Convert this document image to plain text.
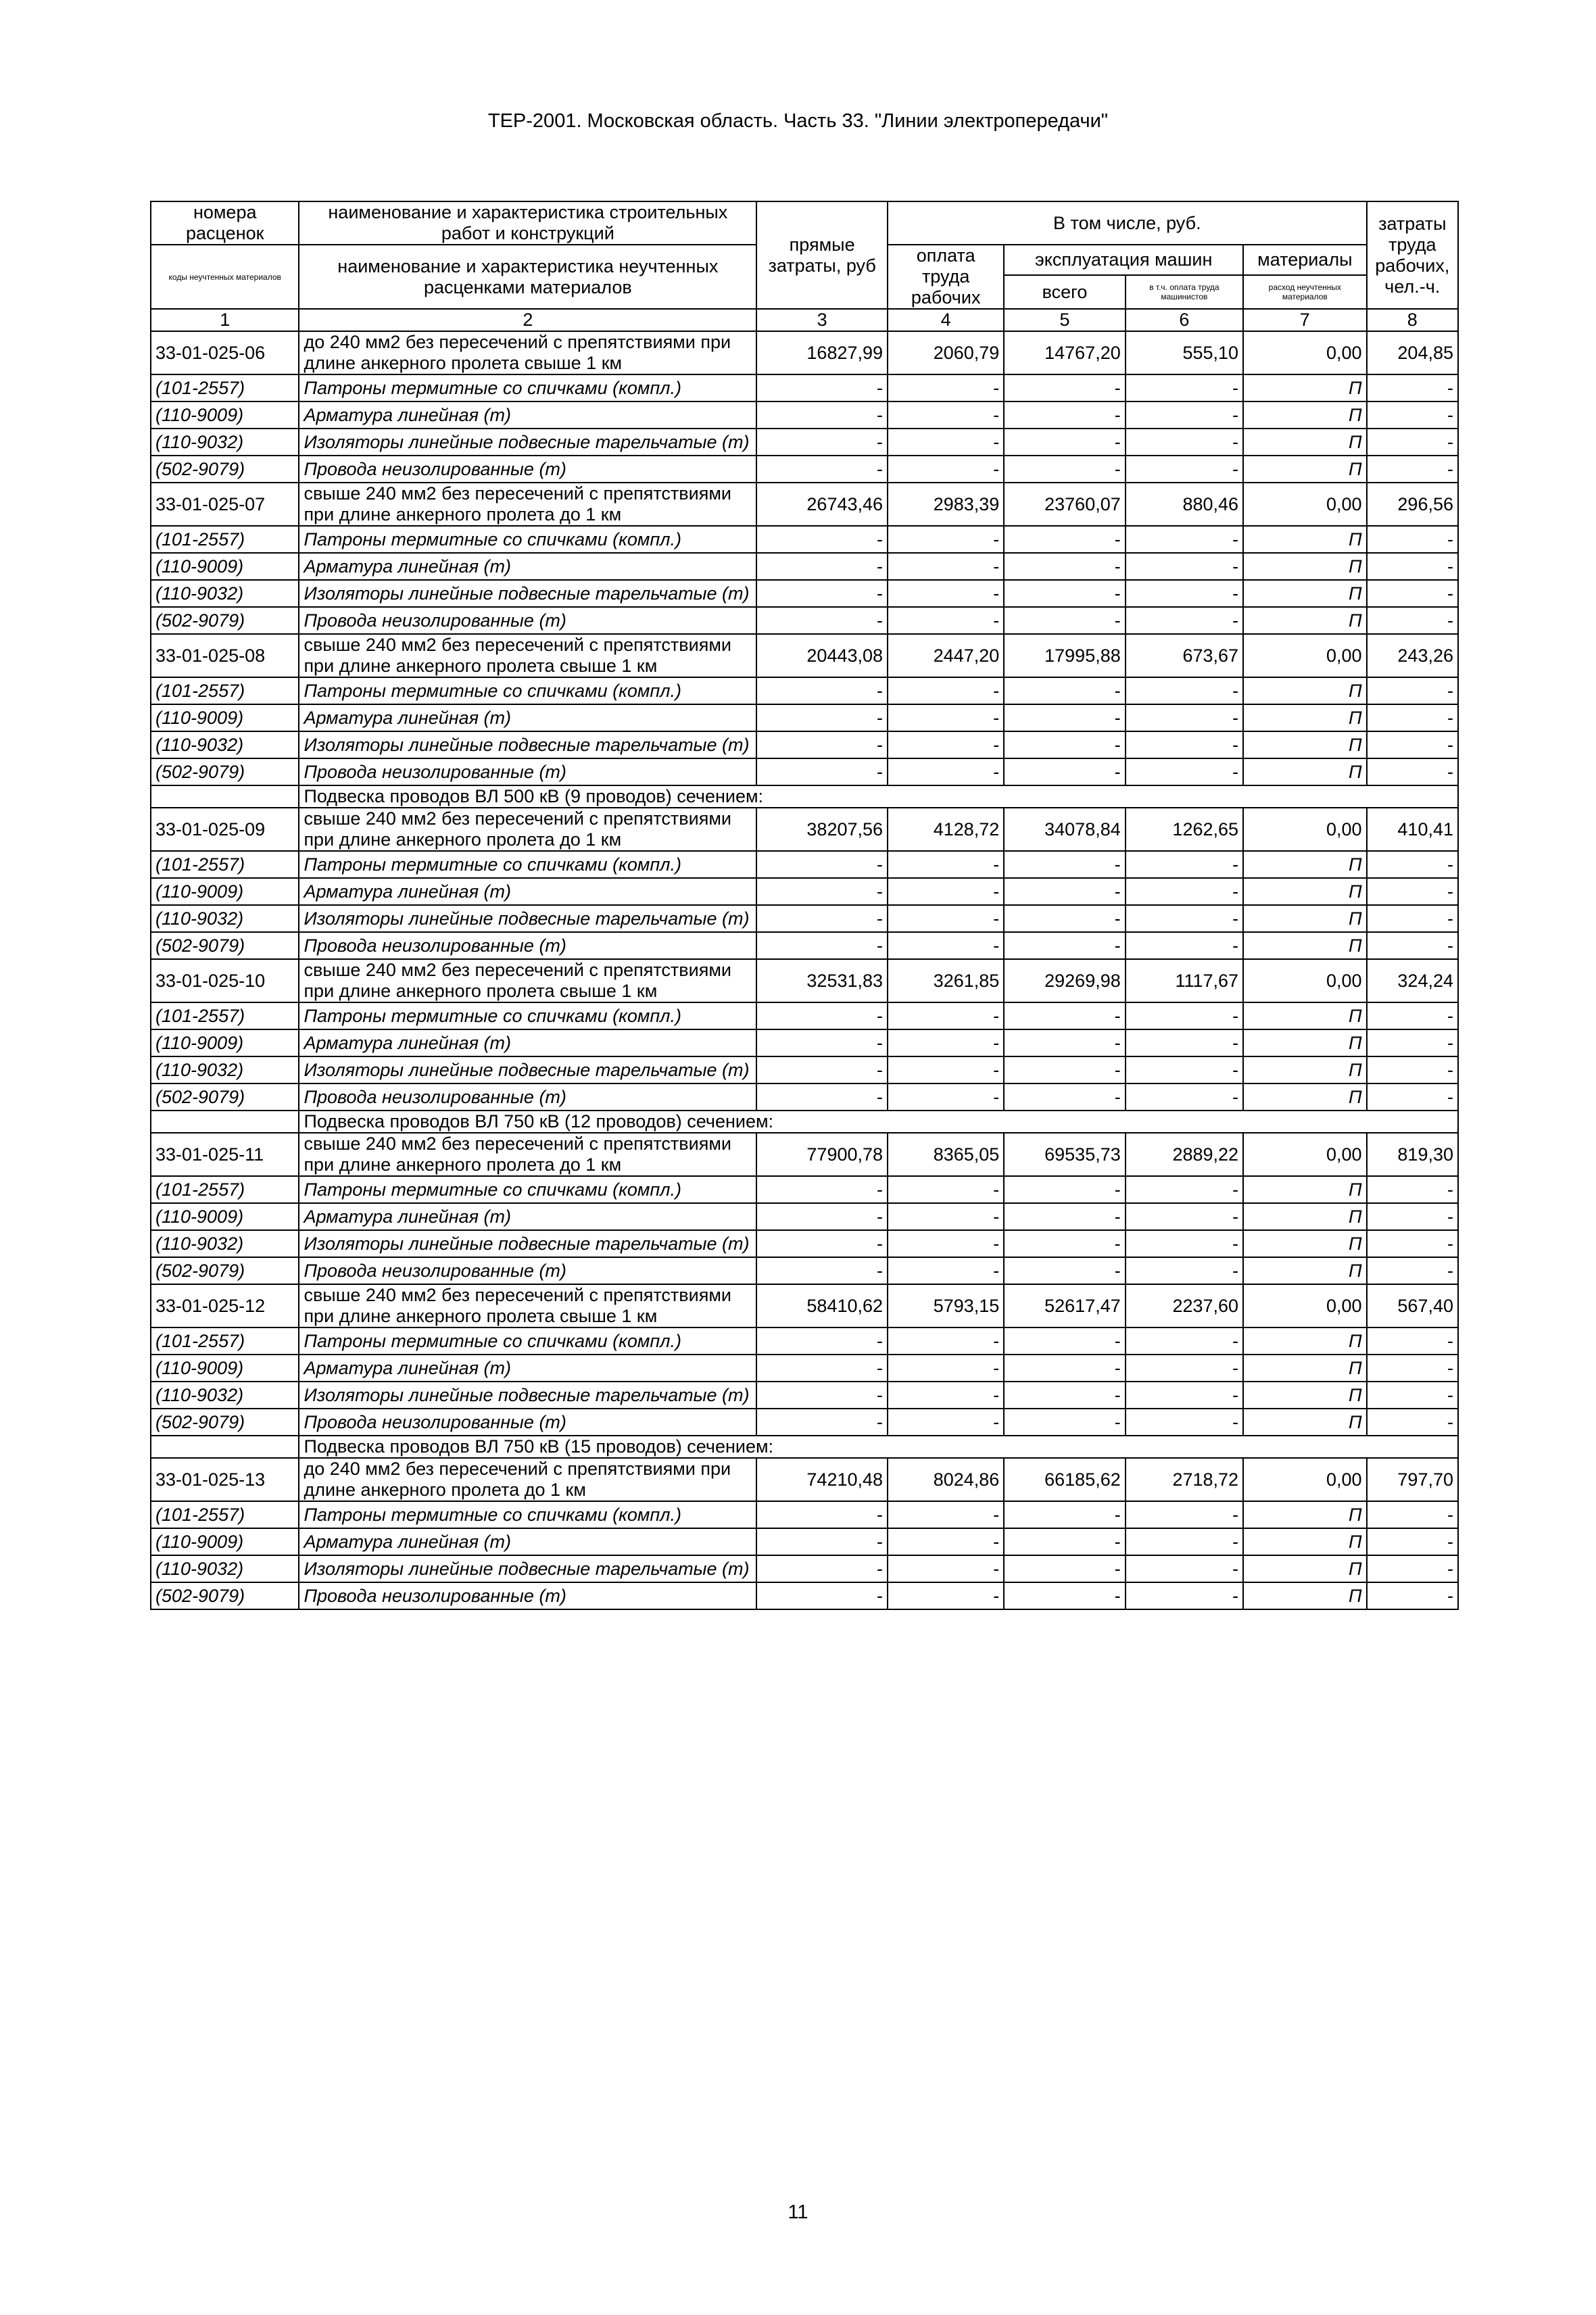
ТЕР-2001. Московская область. Часть 33. "Линии электропередачи"
номера расценок	наименование и характеристика строительных работ и конструкций	прямые затраты, руб	В том числе, руб.				затраты труда рабочих, чел.-ч.
коды неучтенных материалов	наименование и характеристика неучтенных расценками материалов		оплата труда рабочих	эксплуатация машин		материалы	
				всего	в т.ч. оплата труда машинистов	расход неучтенных материалов	
1	2	3	4	5	6	7	8
33-01-025-06	до 240 мм2 без пересечений с препятствиями при длине анкерного пролета свыше 1 км	16827,99	2060,79	14767,20	555,10	0,00	204,85
(101-2557)	Патроны термитные со спичками (компл.)	-	-	-	-	П	-
(110-9009)	Арматура линейная (т)	-	-	-	-	П	-
(110-9032)	Изоляторы линейные подвесные тарельчатые (т)	-	-	-	-	П	-
(502-9079)	Провода неизолированные (т)	-	-	-	-	П	-
33-01-025-07	свыше 240 мм2 без пересечений с препятствиями при длине анкерного пролета до 1 км	26743,46	2983,39	23760,07	880,46	0,00	296,56
(101-2557)	Патроны термитные со спичками (компл.)	-	-	-	-	П	-
(110-9009)	Арматура линейная (т)	-	-	-	-	П	-
(110-9032)	Изоляторы линейные подвесные тарельчатые (т)	-	-	-	-	П	-
(502-9079)	Провода неизолированные (т)	-	-	-	-	П	-
33-01-025-08	свыше 240 мм2 без пересечений с препятствиями при длине анкерного пролета свыше 1 км	20443,08	2447,20	17995,88	673,67	0,00	243,26
(101-2557)	Патроны термитные со спичками (компл.)	-	-	-	-	П	-
(110-9009)	Арматура линейная (т)	-	-	-	-	П	-
(110-9032)	Изоляторы линейные подвесные тарельчатые (т)	-	-	-	-	П	-
(502-9079)	Провода неизолированные (т)	-	-	-	-	П	-
	Подвеска проводов ВЛ 500 кВ (9 проводов) сечением:						
33-01-025-09	свыше 240 мм2 без пересечений с препятствиями при длине анкерного пролета до 1 км	38207,56	4128,72	34078,84	1262,65	0,00	410,41
(101-2557)	Патроны термитные со спичками (компл.)	-	-	-	-	П	-
(110-9009)	Арматура линейная (т)	-	-	-	-	П	-
(110-9032)	Изоляторы линейные подвесные тарельчатые (т)	-	-	-	-	П	-
(502-9079)	Провода неизолированные (т)	-	-	-	-	П	-
33-01-025-10	свыше 240 мм2 без пересечений с препятствиями при длине анкерного пролета свыше 1 км	32531,83	3261,85	29269,98	1117,67	0,00	324,24
(101-2557)	Патроны термитные со спичками (компл.)	-	-	-	-	П	-
(110-9009)	Арматура линейная (т)	-	-	-	-	П	-
(110-9032)	Изоляторы линейные подвесные тарельчатые (т)	-	-	-	-	П	-
(502-9079)	Провода неизолированные (т)	-	-	-	-	П	-
	Подвеска проводов ВЛ 750 кВ (12 проводов) сечением:						
33-01-025-11	свыше 240 мм2 без пересечений с препятствиями при длине анкерного пролета до 1 км	77900,78	8365,05	69535,73	2889,22	0,00	819,30
(101-2557)	Патроны термитные со спичками (компл.)	-	-	-	-	П	-
(110-9009)	Арматура линейная (т)	-	-	-	-	П	-
(110-9032)	Изоляторы линейные подвесные тарельчатые (т)	-	-	-	-	П	-
(502-9079)	Провода неизолированные (т)	-	-	-	-	П	-
33-01-025-12	свыше 240 мм2 без пересечений с препятствиями при длине анкерного пролета свыше 1 км	58410,62	5793,15	52617,47	2237,60	0,00	567,40
(101-2557)	Патроны термитные со спичками (компл.)	-	-	-	-	П	-
(110-9009)	Арматура линейная (т)	-	-	-	-	П	-
(110-9032)	Изоляторы линейные подвесные тарельчатые (т)	-	-	-	-	П	-
(502-9079)	Провода неизолированные (т)	-	-	-	-	П	-
	Подвеска проводов ВЛ 750 кВ (15 проводов) сечением:						
33-01-025-13	до 240 мм2 без пересечений с препятствиями при длине анкерного пролета до 1 км	74210,48	8024,86	66185,62	2718,72	0,00	797,70
(101-2557)	Патроны термитные со спичками (компл.)	-	-	-	-	П	-
(110-9009)	Арматура линейная (т)	-	-	-	-	П	-
(110-9032)	Изоляторы линейные подвесные тарельчатые (т)	-	-	-	-	П	-
(502-9079)	Провода неизолированные (т)	-	-	-	-	П	-
11
